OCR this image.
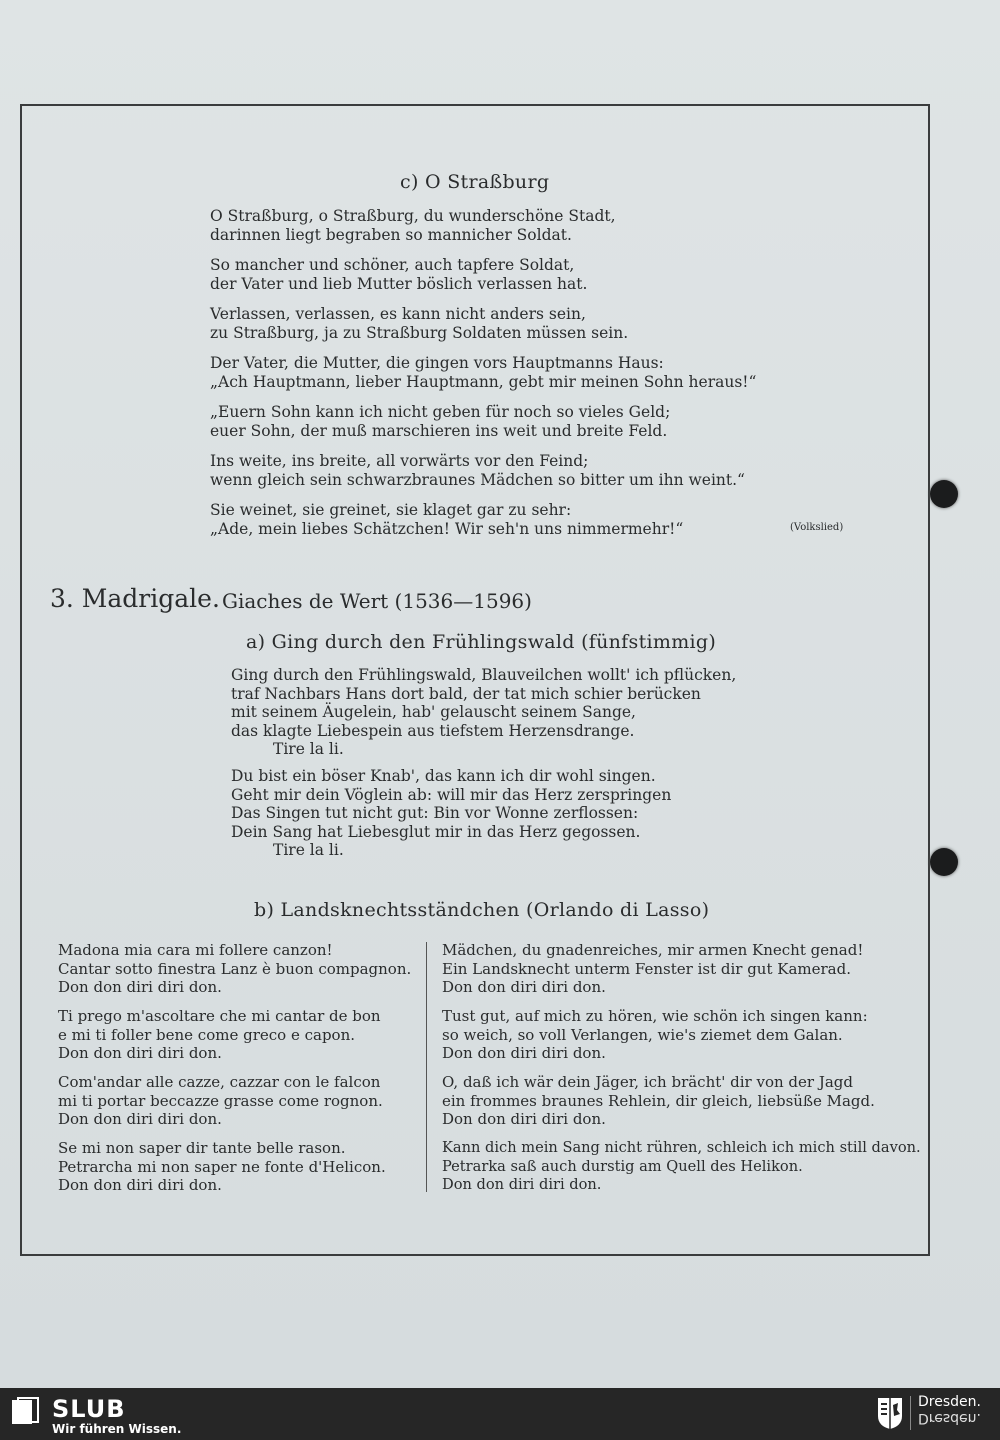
c) O Straßburg
O Straßburg, o Straßburg, du wunderschöne Stadt,
darinnen liegt begraben so mannicher Soldat.
So mancher und schöner, auch tapfere Soldat,
der Vater und lieb Mutter böslich verlassen hat.
Verlassen, verlassen, es kann nicht anders sein,
zu Straßburg, ja zu Straßburg Soldaten müssen sein.
Der Vater, die Mutter, die gingen vors Hauptmanns Haus:
„Ach Hauptmann, lieber Hauptmann, gebt mir meinen Sohn heraus!“
„Euern Sohn kann ich nicht geben für noch so vieles Geld;
euer Sohn, der muß marschieren ins weit und breite Feld.
Ins weite, ins breite, all vorwärts vor den Feind;
wenn gleich sein schwarzbraunes Mädchen so bitter um ihn weint.“
Sie weinet, sie greinet, sie klaget gar zu sehr:
„Ade, mein liebes Schätzchen! Wir seh'n uns nimmermehr!“	(Volkslied)
3. Madrigale. Giaches de Wert (1536—1596)
a) Ging durch den Frühlingswald (fünfstimmig)
Ging durch den Frühlingswald, Blauveilchen wollt' ich pflücken,
traf Nachbars Hans dort bald, der tat mich schier berücken
mit seinem Äugelein, hab' gelauscht seinem Sange,
das klagte Liebespein aus tiefstem Herzensdrange.
Tire la li.
Du bist ein böser Knab', das kann ich dir wohl singen.
Geht mir dein Vöglein ab: will mir das Herz zerspringen
Das Singen tut nicht gut: Bin vor Wonne zerflossen:
Dein Sang hat Liebesglut mir in das Herz gegossen.
Tire la li.
b) Landsknechtsständchen (Orlando di Lasso)
Madona mia cara mi follere canzon!
Cantar sotto finestra Lanz è buon compagnon.
Don don diri diri don.
Ti prego m'ascoltare che mi cantar de bon
e mi ti foller bene come greco e capon.
Don don diri diri don.
Com'andar alle cazze, cazzar con le falcon
mi ti portar beccazze grasse come rognon.
Don don diri diri don.
Se mi non saper dir tante belle rason.
Petrarcha mi non saper ne fonte d'Helicon.
Don don diri diri don.
Mädchen, du gnadenreiches, mir armen Knecht genad!
Ein Landsknecht unterm Fenster ist dir gut Kamerad.
Don don diri diri don.
Tust gut, auf mich zu hören, wie schön ich singen kann:
so weich, so voll Verlangen, wie's ziemet dem Galan.
Don don diri diri don.
O, daß ich wär dein Jäger, ich brächt' dir von der Jagd
ein frommes braunes Rehlein, dir gleich, liebsüße Magd.
Don don diri diri don.
Kann dich mein Sang nicht rühren, schleich ich mich still davon.
Petrarka saß auch durstig am Quell des Helikon.
Don don diri diri don.
SLUB
Wir führen Wissen.
Dresden.
Dresden.
